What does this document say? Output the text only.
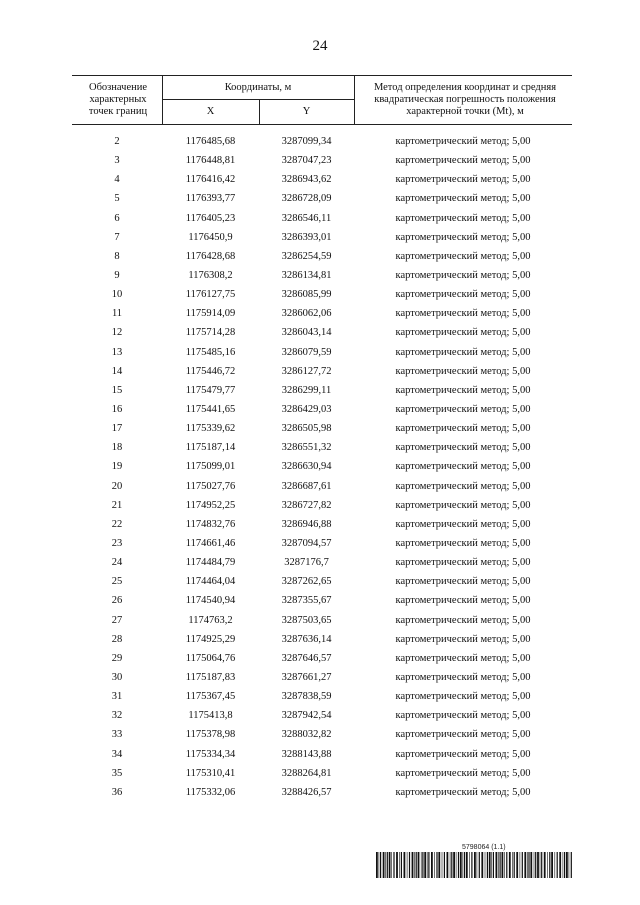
24
Обозначение характерных точек границ
Координаты, м
X	Y
Метод определения координат и средняя квадратическая погрешность положения характерной точки (Mt), м
2	1176485,68	3287099,34	картометрический метод; 5,00
3	1176448,81	3287047,23	картометрический метод; 5,00
4	1176416,42	3286943,62	картометрический метод; 5,00
5	1176393,77	3286728,09	картометрический метод; 5,00
6	1176405,23	3286546,11	картометрический метод; 5,00
7	1176450,9	3286393,01	картометрический метод; 5,00
8	1176428,68	3286254,59	картометрический метод; 5,00
9	1176308,2	3286134,81	картометрический метод; 5,00
10	1176127,75	3286085,99	картометрический метод; 5,00
11	1175914,09	3286062,06	картометрический метод; 5,00
12	1175714,28	3286043,14	картометрический метод; 5,00
13	1175485,16	3286079,59	картометрический метод; 5,00
14	1175446,72	3286127,72	картометрический метод; 5,00
15	1175479,77	3286299,11	картометрический метод; 5,00
16	1175441,65	3286429,03	картометрический метод; 5,00
17	1175339,62	3286505,98	картометрический метод; 5,00
18	1175187,14	3286551,32	картометрический метод; 5,00
19	1175099,01	3286630,94	картометрический метод; 5,00
20	1175027,76	3286687,61	картометрический метод; 5,00
21	1174952,25	3286727,82	картометрический метод; 5,00
22	1174832,76	3286946,88	картометрический метод; 5,00
23	1174661,46	3287094,57	картометрический метод; 5,00
24	1174484,79	3287176,7	картометрический метод; 5,00
25	1174464,04	3287262,65	картометрический метод; 5,00
26	1174540,94	3287355,67	картометрический метод; 5,00
27	1174763,2	3287503,65	картометрический метод; 5,00
28	1174925,29	3287636,14	картометрический метод; 5,00
29	1175064,76	3287646,57	картометрический метод; 5,00
30	1175187,83	3287661,27	картометрический метод; 5,00
31	1175367,45	3287838,59	картометрический метод; 5,00
32	1175413,8	3287942,54	картометрический метод; 5,00
33	1175378,98	3288032,82	картометрический метод; 5,00
34	1175334,34	3288143,88	картометрический метод; 5,00
35	1175310,41	3288264,81	картометрический метод; 5,00
36	1175332,06	3288426,57	картометрический метод; 5,00
5798064 (1.1)
